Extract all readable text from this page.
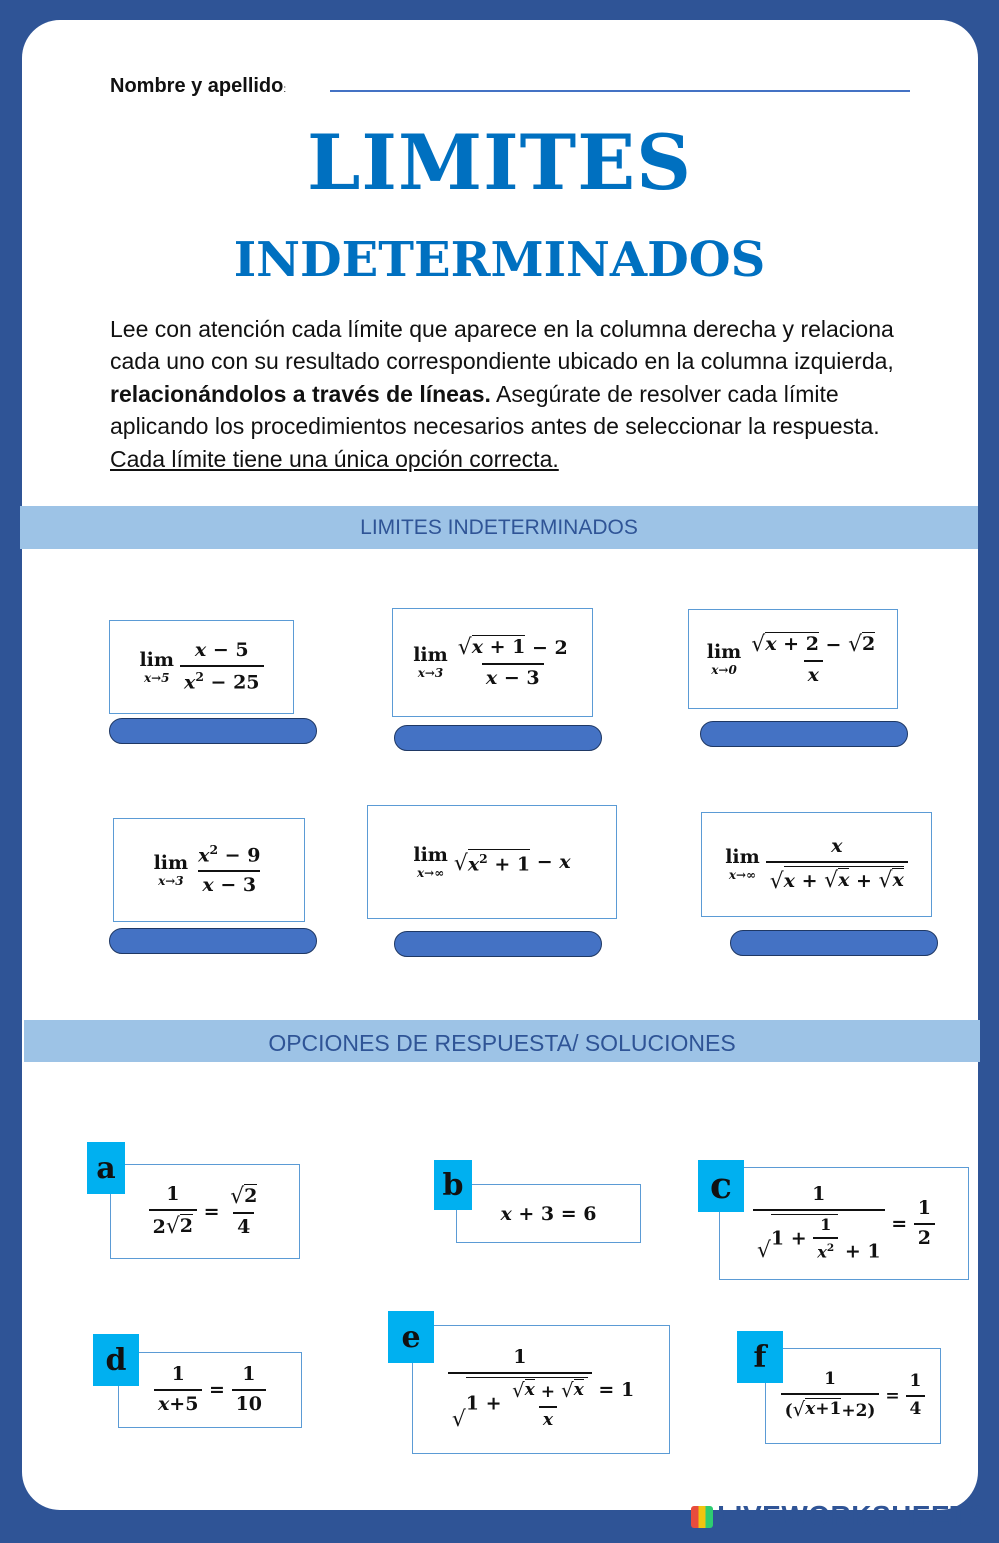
Nombre y apellido:
LIMITES
INDETERMINADOS
Lee con atención cada límite que aparece en la columna derecha y relaciona cada uno con su resultado correspondiente ubicado en la columna izquierda, relacionándolos a través de líneas. Asegúrate de resolver cada límite aplicando los procedimientos necesarios antes de seleccionar la respuesta. Cada límite tiene una única opción correcta.
LIMITES INDETERMINADOS
lim
$x\to 5 \frac{x - 5}{x^2 - 25}$	lim
$x\to 3 \frac{√ x + 1 - 2}{x - 3}$	lim
$x\to 0 \frac{√ x + 2 - √ 2}{x}$
lim
$x\to 3 \frac{x^2 - 9}{x - 3}$	lim
x→∞ √ $x^2 + 1 - x$	lim
$x\to\infty \frac{x}{√ x + √ x + √ x}$
OPCIONES DE RESPUESTA/ SOLUCIONES
$\frac{1}{2 √ 2} = \frac{√ 2}{4}$
a
x + 3 = 6
b	1
√
$1 + \frac{1}{x^2} + 1 = \frac{1}{2}$
c
$\frac{1}{x+5} = \frac{1}{10}$
d	1
√
$1 + \frac{√ x + √ x}{x} = 1$
e
$\frac{1}{( √ x+1 +2)} = \frac{1}{4}$
f
LIVEWORKSHEETS
